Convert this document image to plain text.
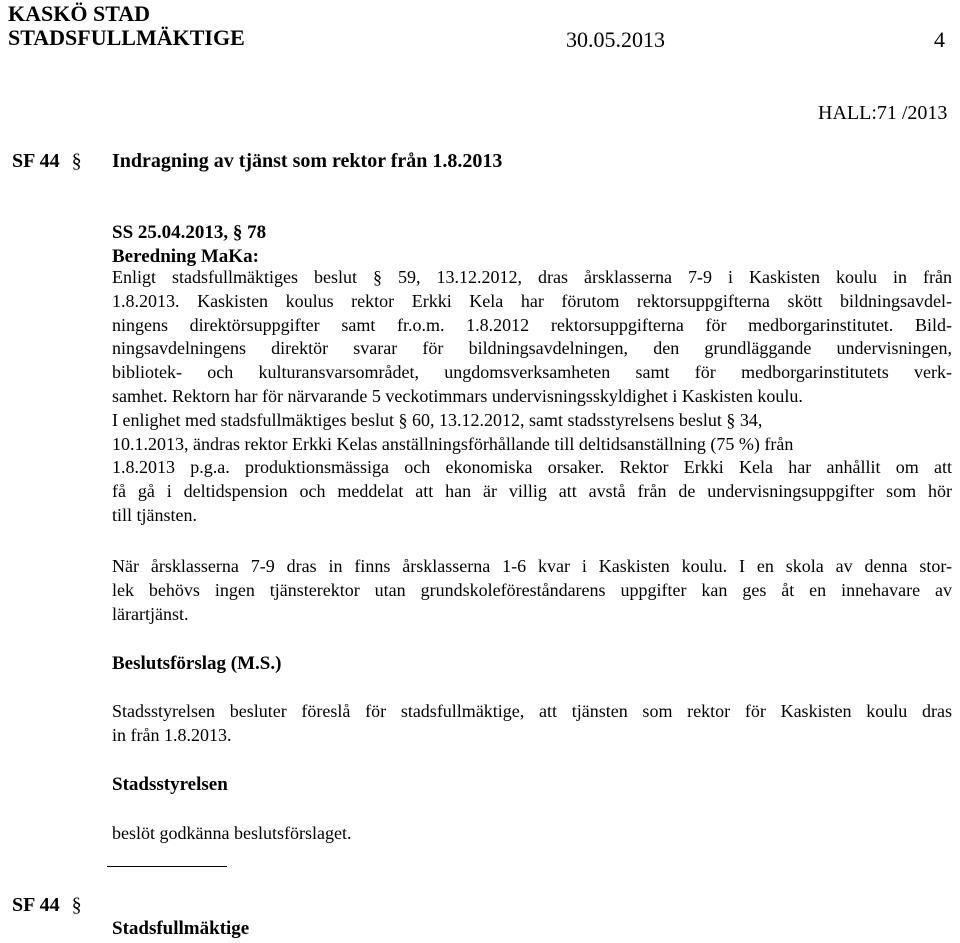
KASKÖ STAD
STADSFULLMÄKTIGE	30.05.2013	4
HALL:71 /2013
SF 44 § Indragning av tjänst som rektor från 1.8.2013
SS 25.04.2013, § 78
Beredning MaKa:
Enligt stadsfullmäktiges beslut § 59, 13.12.2012, dras årsklasserna 7-9 i Kaskisten koulu in från
1.8.2013. Kaskisten koulus rektor Erkki Kela har förutom rektorsuppgifterna skött bildningsavdel-
ningens direktörsuppgifter samt fr.o.m. 1.8.2012 rektorsuppgifterna för medborgarinstitutet. Bild-
ningsavdelningens direktör svarar för bildningsavdelningen, den grundläggande undervisningen,
bibliotek- och kulturansvarsområdet, ungdomsverksamheten samt för medborgarinstitutets verk-
samhet. Rektorn har för närvarande 5 veckotimmars undervisningsskyldighet i Kaskisten koulu.
I enlighet med stadsfullmäktiges beslut § 60, 13.12.2012, samt stadsstyrelsens beslut § 34,
10.1.2013, ändras rektor Erkki Kelas anställningsförhållande till deltidsanställning (75 %) från
1.8.2013 p.g.a. produktionsmässiga och ekonomiska orsaker. Rektor Erkki Kela har anhållit om att
få gå i deltidspension och meddelat att han är villig att avstå från de undervisningsuppgifter som hör
till tjänsten.
När årsklasserna 7-9 dras in finns årsklasserna 1-6 kvar i Kaskisten koulu. I en skola av denna stor-
lek behövs ingen tjänsterektor utan grundskoleföreståndarens uppgifter kan ges åt en innehavare av
lärartjänst.
Beslutsförslag (M.S.)
Stadsstyrelsen besluter föreslå för stadsfullmäktige, att tjänsten som rektor för Kaskisten koulu dras
in från 1.8.2013.
Stadsstyrelsen
beslöt godkänna beslutsförslaget.
SF 44 §
Stadsfullmäktige
